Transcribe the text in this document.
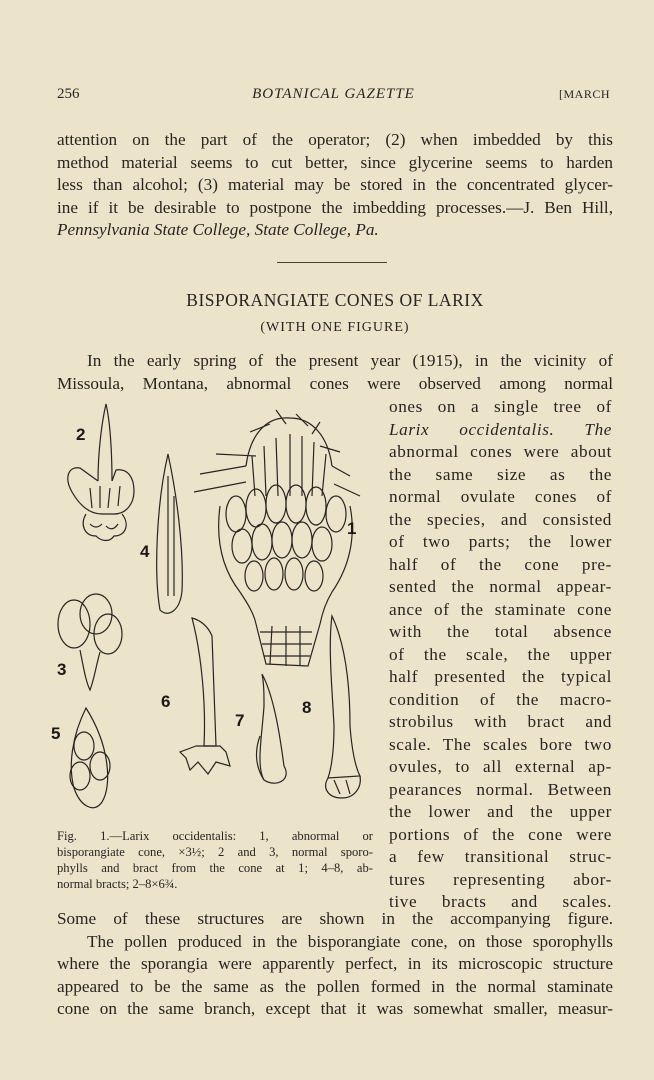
256	BOTANICAL GAZETTE	[MARCH
attention on the part of the operator; (2) when imbedded by this
method material seems to cut better, since glycerine seems to harden
less than alcohol; (3) material may be stored in the concentrated glycer-
ine if it be desirable to postpone the imbedding processes.—J. Ben Hill,
Pennsylvania State College, State College, Pa.
BISPORANGIATE CONES OF LARIX
(WITH ONE FIGURE)
In the early spring of the present year (1915), in the vicinity of
Missoula, Montana, abnormal cones were observed among normal
ones on a single tree of
Larix occidentalis. The
abnormal cones were about
the same size as the
normal ovulate cones of
the species, and consisted
of two parts; the lower
half of the cone pre-
sented the normal appear-
ance of the staminate cone
with the total absence
of the scale, the upper
half presented the typical
condition of the macro-
strobilus with bract and
scale. The scales bore two
ovules, to all external ap-
pearances normal. Between
the lower and the upper
portions of the cone were
a few transitional struc-
tures representing abor-
tive bracts and scales.
2
4
1
3
6
7
8
5
Fig. 1.—Larix occidentalis: 1, abnormal or
bisporangiate cone, ×3½; 2 and 3, normal sporo-
phylls and bract from the cone at 1; 4–8, ab-
normal bracts; 2–8×6¾.
Some of these structures are shown in the accompanying figure.
The pollen produced in the bisporangiate cone, on those sporophylls
where the sporangia were apparently perfect, in its microscopic structure
appeared to be the same as the pollen formed in the normal staminate
cone on the same branch, except that it was somewhat smaller, measur-
